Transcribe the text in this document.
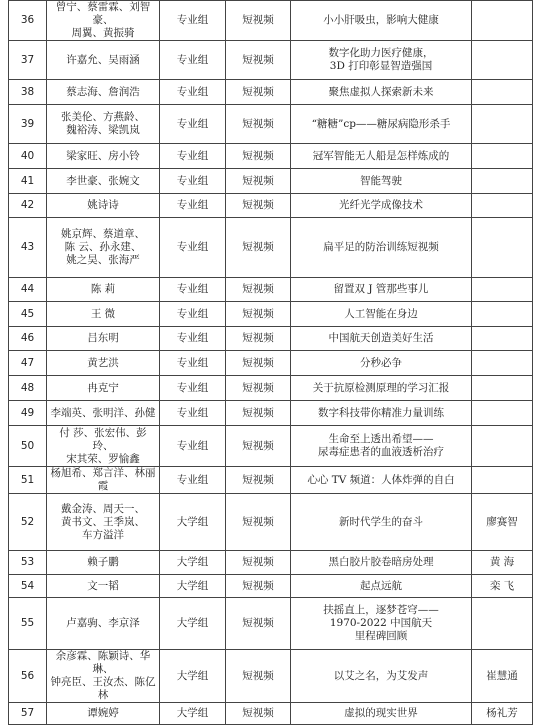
36	曾宁、蔡雷霖、刘智豪、
周翼、黄振骑	专业组	短视频	小小肝吸虫，影响大健康	
37	许嘉允、吴雨涵	专业组	短视频	数字化助力医疗健康，
3D 打印彰显智造强国	
38	蔡志海、詹润浩	专业组	短视频	聚焦虚拟人探索新未来	
39	张美伦、方燕龄、
魏裕涛、梁凯岚	专业组	短视频	“糖糖”cp——糖尿病隐形杀手	
40	梁家旺、房小铃	专业组	短视频	冠军智能无人船是怎样炼成的	
41	李世豪、张婉文	专业组	短视频	智能驾驶	
42	姚诗诗	专业组	短视频	光纤光学成像技术	
43	姚京辉、蔡道章、
陈 云、孙永建、
姚之昊、张海严	专业组	短视频	扁平足的防治训练短视频	
44	陈 莉	专业组	短视频	留置双 J 管那些事儿	
45	王 微	专业组	短视频	人工智能在身边	
46	吕东明	专业组	短视频	中国航天创造美好生活	
47	黄艺洪	专业组	短视频	分秒必争	
48	冉克宁	专业组	短视频	关于抗原检测原理的学习汇报	
49	李端英、张明洋、孙健	专业组	短视频	数字科技带你精准力量训练	
50	付 莎、张宏伟、彭 玲、
宋其荣、罗愉鑫	专业组	短视频	生命至上透出希望——
尿毒症患者的血液透析治疗	
51	杨旭希、郑言洋、林丽霞	专业组	短视频	心心 TV 频道：人体炸弹的自白	
52	戴金涛、周天一、
黄书文、王季岚、
车方溢洋	大学组	短视频	新时代学生的奋斗	廖赛智
53	赖子鹏	大学组	短视频	黑白胶片胶卷暗房处理	黄 海
54	文一韬	大学组	短视频	起点远航	栾 飞
55	卢嘉驹、李京泽	大学组	短视频	扶摇直上，逐梦苍穹——
1970-2022 中国航天
里程碑回顾	
56	余彦霖、陈颖诗、华琳、
钟亮臣、王汝杰、陈亿林	大学组	短视频	以艾之名，为艾发声	崔慧通
57	谭婉婷	大学组	短视频	虚拟的现实世界	杨礼芳
